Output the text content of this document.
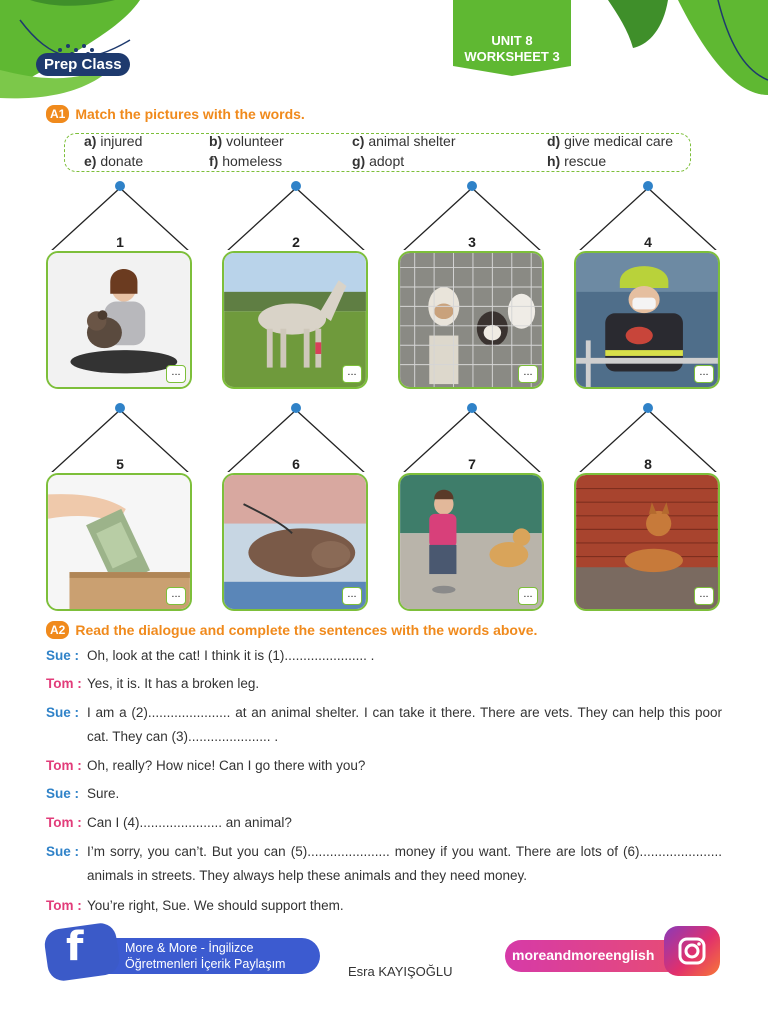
Prep Class
UNIT 8
WORKSHEET 3
A1 Match the pictures with the words.
a) injured	b) volunteer	c) animal shelter	d) give medical care
e) donate	f) homeless	g) adopt	h) rescue
1
...
2
...
3
...
4
...
5
...
6
...
7
...
8
...
A2 Read the dialogue and complete the sentences with the words above.
Sue : Oh, look at the cat! I think it is (1)...................... .
Tom : Yes, it is. It has a broken leg.
Sue : I am a (2)...................... at an animal shelter. I can take it there. There are vets. They can help this poor cat. They can (3)...................... .
Tom : Oh, really? How nice! Can I go there with you?
Sue : Sure.
Tom : Can I (4)...................... an animal?
Sue : I’m sorry, you can’t. But you can (5)...................... money if you want. There are lots of (6)...................... animals in streets. They always help these animals and they need money.
Tom : You’re right, Sue. We should support them.
f	More & More - İngilizce
Öğretmenleri İçerik Paylaşım	Esra KAYIŞOĞLU
moreandmoreenglish
